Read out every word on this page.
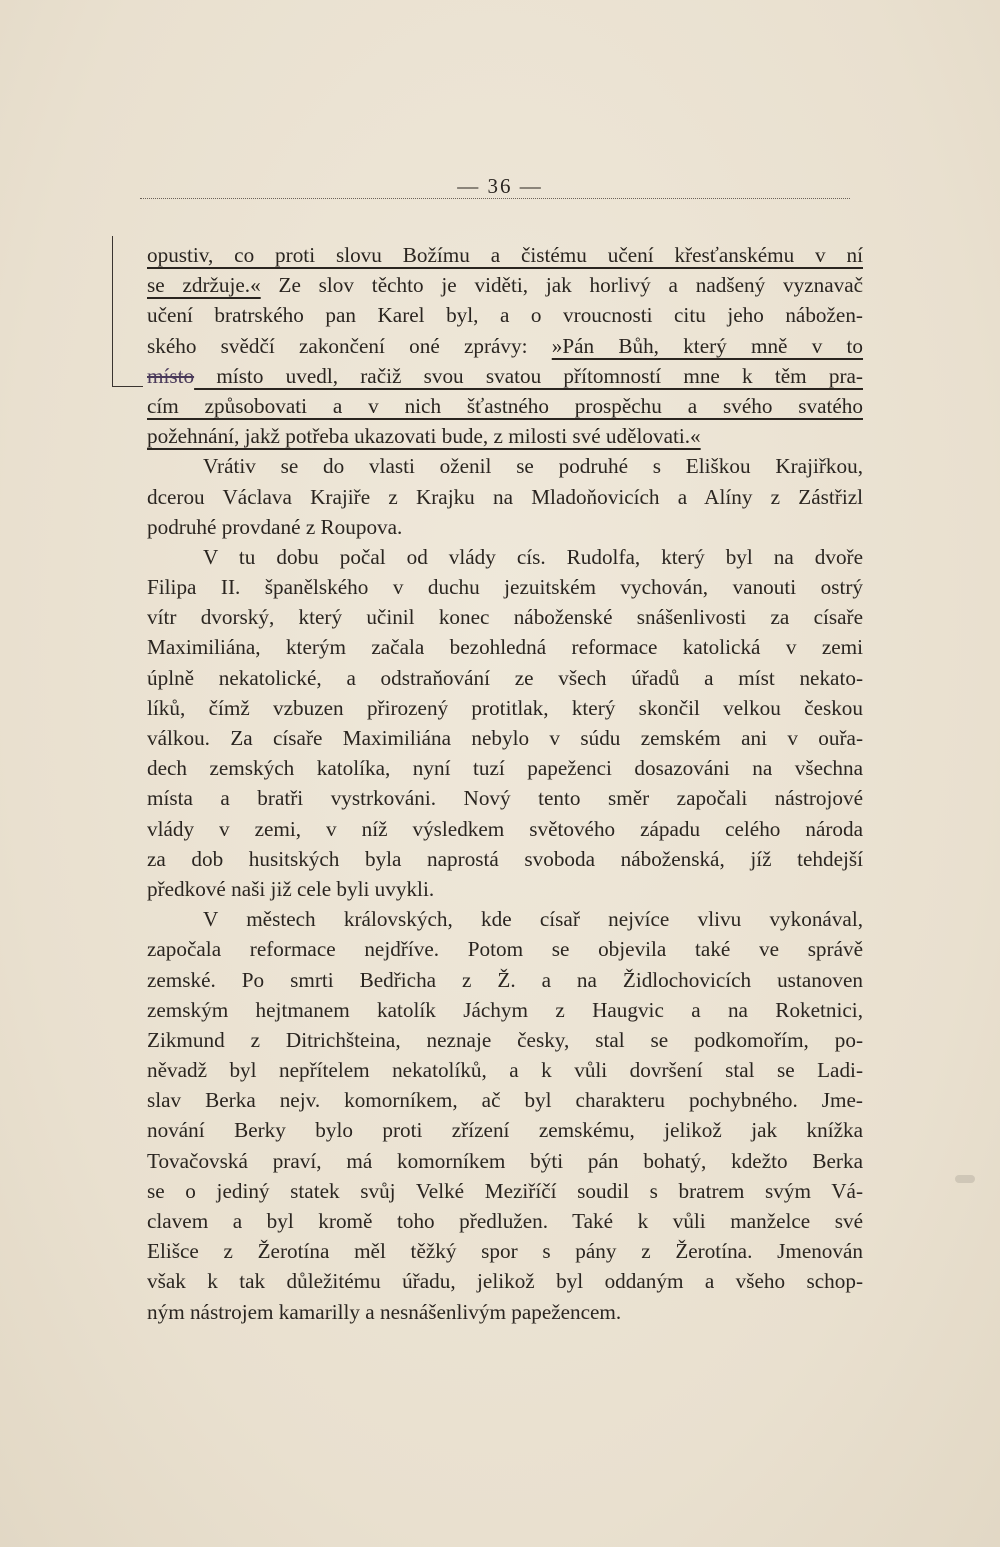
— 36 —
opustiv, co proti slovu Božímu a čistému učení křesťanskému v ní
se zdržuje.« Ze slov těchto je viděti, jak horlivý a nadšený vyznavač
učení bratrského pan Karel byl, a o vroucnosti citu jeho nábožen-
ského svědčí zakončení oné zprávy: »Pán Bůh, který mně v to
místo místo uvedl, račiž svou svatou přítomností mne k těm pra-
cím způsobovati a v nich šťastného prospěchu a svého svatého
požehnání, jakž potřeba ukazovati bude, z milosti své udělovati.«
Vrátiv se do vlasti oženil se podruhé s Eliškou Krajiřkou,
dcerou Václava Krajiře z Krajku na Mladoňovicích a Alíny z Zástřizl
podruhé provdané z Roupova.
V tu dobu počal od vlády cís. Rudolfa, který byl na dvoře
Filipa II. španělského v duchu jezuitském vychován, vanouti ostrý
vítr dvorský, který učinil konec náboženské snášenlivosti za císaře
Maximiliána, kterým začala bezohledná reformace katolická v zemi
úplně nekatolické, a odstraňování ze všech úřadů a míst nekato-
líků, čímž vzbuzen přirozený protitlak, který skončil velkou českou
válkou. Za císaře Maximiliána nebylo v súdu zemském ani v ouřa-
dech zemských katolíka, nyní tuzí papeženci dosazováni na všechna
místa a bratři vystrkováni. Nový tento směr započali nástrojové
vlády v zemi, v níž výsledkem světového západu celého národa
za dob husitských byla naprostá svoboda náboženská, jíž tehdejší
předkové naši již cele byli uvykli.
V městech královských, kde císař nejvíce vlivu vykonával,
započala reformace nejdříve. Potom se objevila také ve správě
zemské. Po smrti Bedřicha z Ž. a na Židlochovicích ustanoven
zemským hejtmanem katolík Jáchym z Haugvic a na Roketnici,
Zikmund z Ditrichšteina, neznaje česky, stal se podkomořím, po-
něvadž byl nepřítelem nekatolíků, a k vůli dovršení stal se Ladi-
slav Berka nejv. komorníkem, ač byl charakteru pochybného. Jme-
nování Berky bylo proti zřízení zemskému, jelikož jak knížka
Tovačovská praví, má komorníkem býti pán bohatý, kdežto Berka
se o jediný statek svůj Velké Meziříčí soudil s bratrem svým Vá-
clavem a byl kromě toho předlužen. Také k vůli manželce své
Elišce z Žerotína měl těžký spor s pány z Žerotína. Jmenován
však k tak důležitému úřadu, jelikož byl oddaným a všeho schop-
ným nástrojem kamarilly a nesnášenlivým papežencem.
